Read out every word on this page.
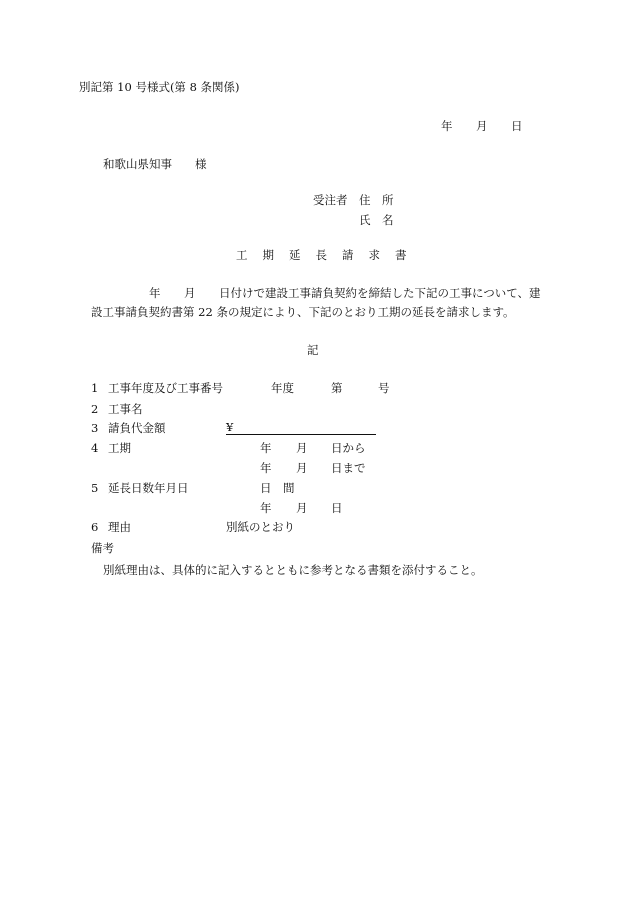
別記第 10 号様式(第 8 条関係)
年 月 日
和歌山県知事 様
受注者 住　所
氏　名
工 期 延 長 請 求 書
年 月 日付けで建設工事請負契約を締結した下記の工事について、建
設工事請負契約書第 22 条の規定により、下記のとおり工期の延長を請求します。
記
1 工事年度及び工事番号	年度	第	号
2 工事名
3 請負代金額	¥
4 工期	年 月 日から
年 月 日まで
5 延長日数年月日	日　間
年 月 日
6 理由	別紙のとおり
備考
別紙理由は、具体的に記入するとともに参考となる書類を添付すること。
